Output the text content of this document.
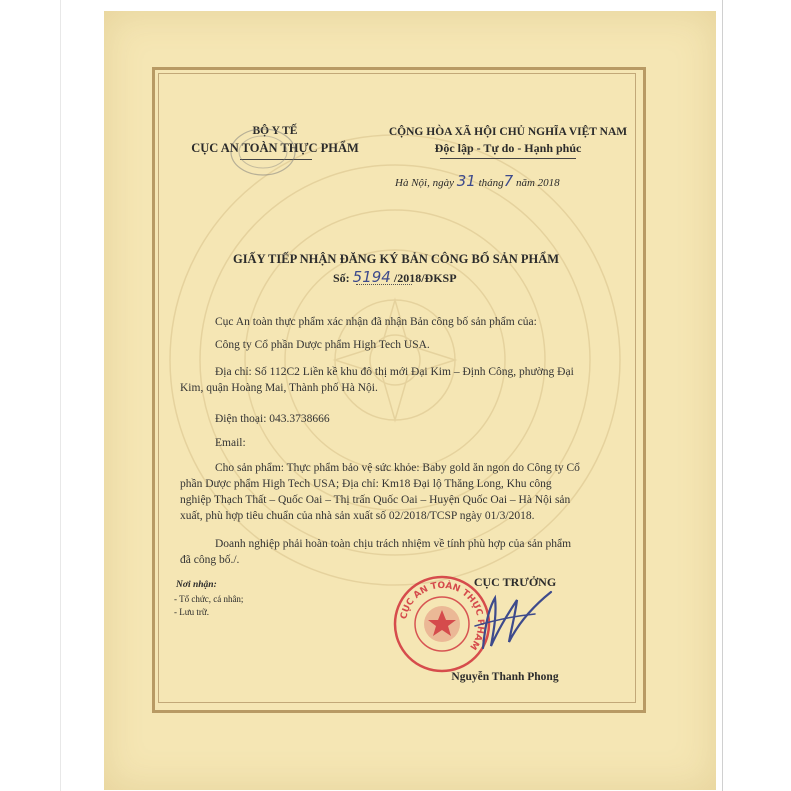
BỘ Y TẾ
CỤC AN TOÀN THỰC PHẨM
CỘNG HÒA XÃ HỘI CHỦ NGHĨA VIỆT NAM
Độc lập - Tự do - Hạnh phúc
Hà Nội, ngày 31 tháng7 năm 2018
GIẤY TIẾP NHẬN ĐĂNG KÝ BẢN CÔNG BỐ SẢN PHẨM
Số: 5194 /2018/ĐKSP
Cục An toàn thực phẩm xác nhận đã nhận Bản công bố sản phẩm của:
Công ty Cổ phần Dược phẩm High Tech USA.
Địa chỉ: Số 112C2 Liền kề khu đô thị mới Đại Kim – Định Công, phường Đại
Kim, quận Hoàng Mai, Thành phố Hà Nội.
Điện thoại: 043.3738666
Email:
Cho sản phẩm: Thực phẩm bảo vệ sức khỏe: Baby gold ăn ngon do Công ty Cổ
phần Dược phẩm High Tech USA; Địa chỉ: Km18 Đại lộ Thăng Long, Khu công
nghiệp Thạch Thất – Quốc Oai – Thị trấn Quốc Oai – Huyện Quốc Oai – Hà Nội sản
xuất, phù hợp tiêu chuẩn của nhà sản xuất số 02/2018/TCSP ngày 01/3/2018.
Doanh nghiệp phải hoàn toàn chịu trách nhiệm về tính phù hợp của sản phẩm
đã công bố./.
Nơi nhận:
- Tổ chức, cá nhân;
- Lưu trữ.	CỤC AN TOÀN THỰC PHẨM
CỤC TRƯỞNG
Nguyễn Thanh Phong
